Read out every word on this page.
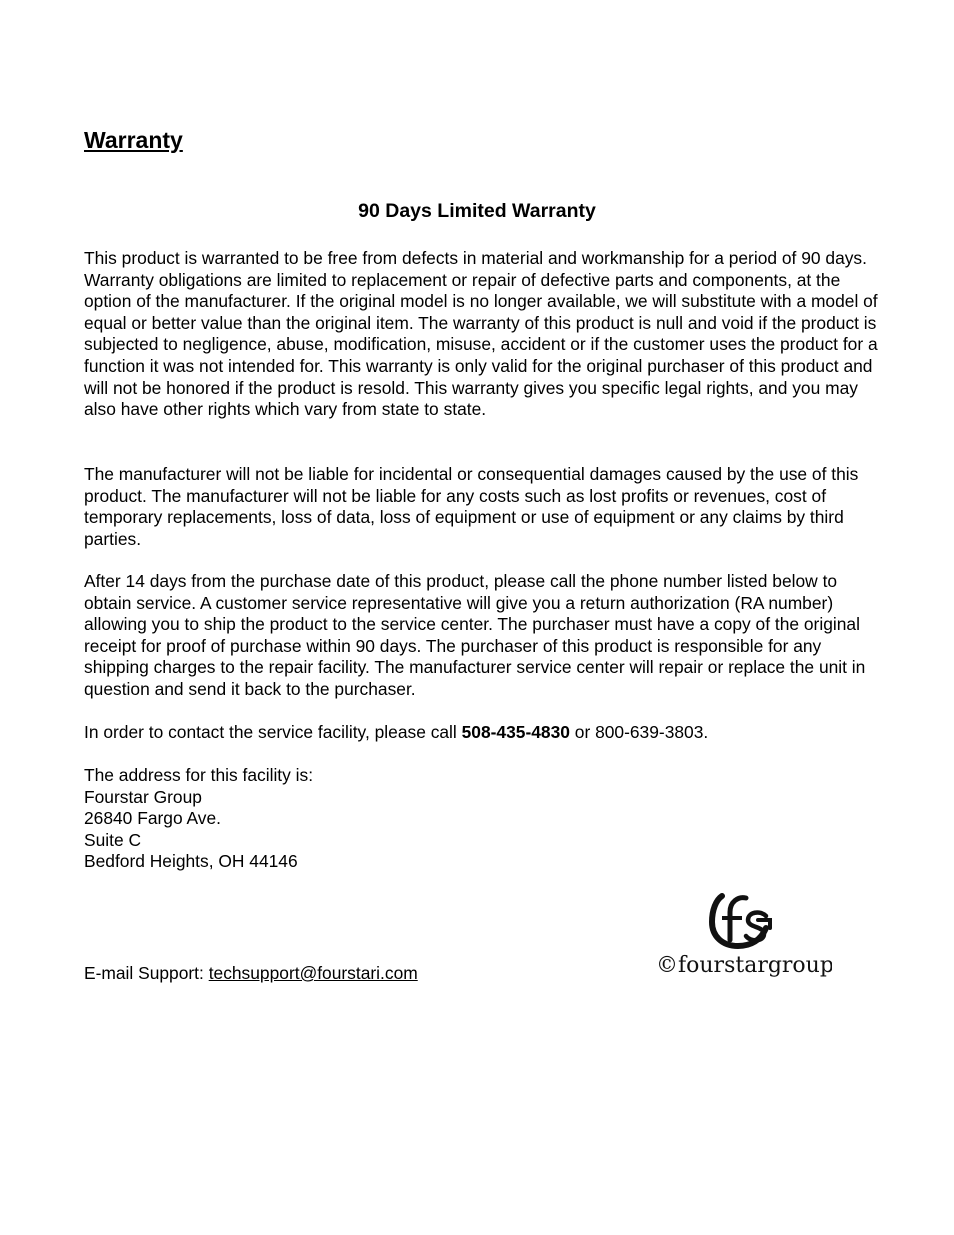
Warranty
90 Days Limited Warranty

This product is warranted to be free from defects in material and workmanship for a period of 90 days. Warranty obligations are limited to replacement or repair of defective parts and components, at the option of the manufacturer. If the original model is no longer available, we will substitute with a model of equal or better value than the original item. The warranty of this product is null and void if the product is subjected to negligence, abuse, modification, misuse, accident or if the customer uses the product for a function it was not intended for. This warranty is only valid for the original purchaser of this product and will not be honored if the product is resold. This warranty gives you specific legal rights, and you may also have other rights which vary from state to state.

The manufacturer will not be liable for incidental or consequential damages caused by the use of this product. The manufacturer will not be liable for any costs such as lost profits or revenues, cost of temporary replacements, loss of data, loss of equipment or use of equipment or any claims by third parties.

After 14 days from the purchase date of this product, please call the phone number listed below to obtain service. A customer service representative will give you a return authorization (RA number) allowing you to ship the product to the service center. The purchaser must have a copy of the original receipt for proof of purchase within 90 days. The purchaser of this product is responsible for any shipping charges to the repair facility. The manufacturer service center will repair or replace the unit in question and send it back to the purchaser.

In order to contact the service facility, please call 508-435-4830 or 800-639-3803.

The address for this facility is:
Fourstar Group
26840 Fargo Ave.
Suite C
Bedford Heights, OH 44146

E-mail Support: techsupport@fourstari.com	©fourstargroup
